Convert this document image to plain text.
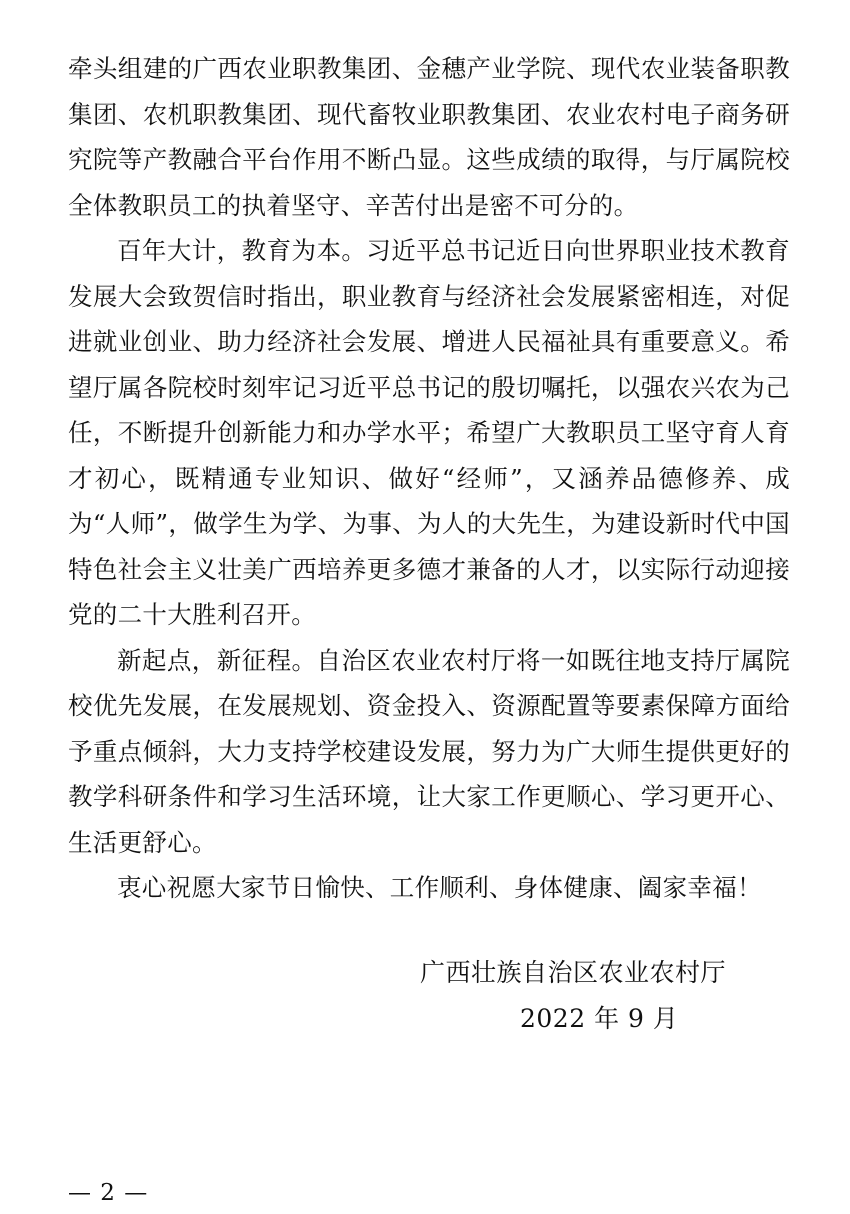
牵头组建的广西农业职教集团、金穗产业学院、现代农业装备职教集团、农机职教集团、现代畜牧业职教集团、农业农村电子商务研究院等产教融合平台作用不断凸显。这些成绩的取得，与厅属院校全体教职员工的执着坚守、辛苦付出是密不可分的。

百年大计，教育为本。习近平总书记近日向世界职业技术教育发展大会致贺信时指出，职业教育与经济社会发展紧密相连，对促进就业创业、助力经济社会发展、增进人民福祉具有重要意义。希望厅属各院校时刻牢记习近平总书记的殷切嘱托，以强农兴农为己任，不断提升创新能力和办学水平；希望广大教职员工坚守育人育才初心，既精通专业知识、做好“经师”，又涵养品德修养、成为“人师”，做学生为学、为事、为人的大先生，为建设新时代中国特色社会主义壮美广西培养更多德才兼备的人才，以实际行动迎接党的二十大胜利召开。

新起点，新征程。自治区农业农村厅将一如既往地支持厅属院校优先发展，在发展规划、资金投入、资源配置等要素保障方面给予重点倾斜，大力支持学校建设发展，努力为广大师生提供更好的教学科研条件和学习生活环境，让大家工作更顺心、学习更开心、生活更舒心。

衷心祝愿大家节日愉快、工作顺利、身体健康、阖家幸福！

广西壮族自治区农业农村厅
2022 年 9 月
— 2 —
